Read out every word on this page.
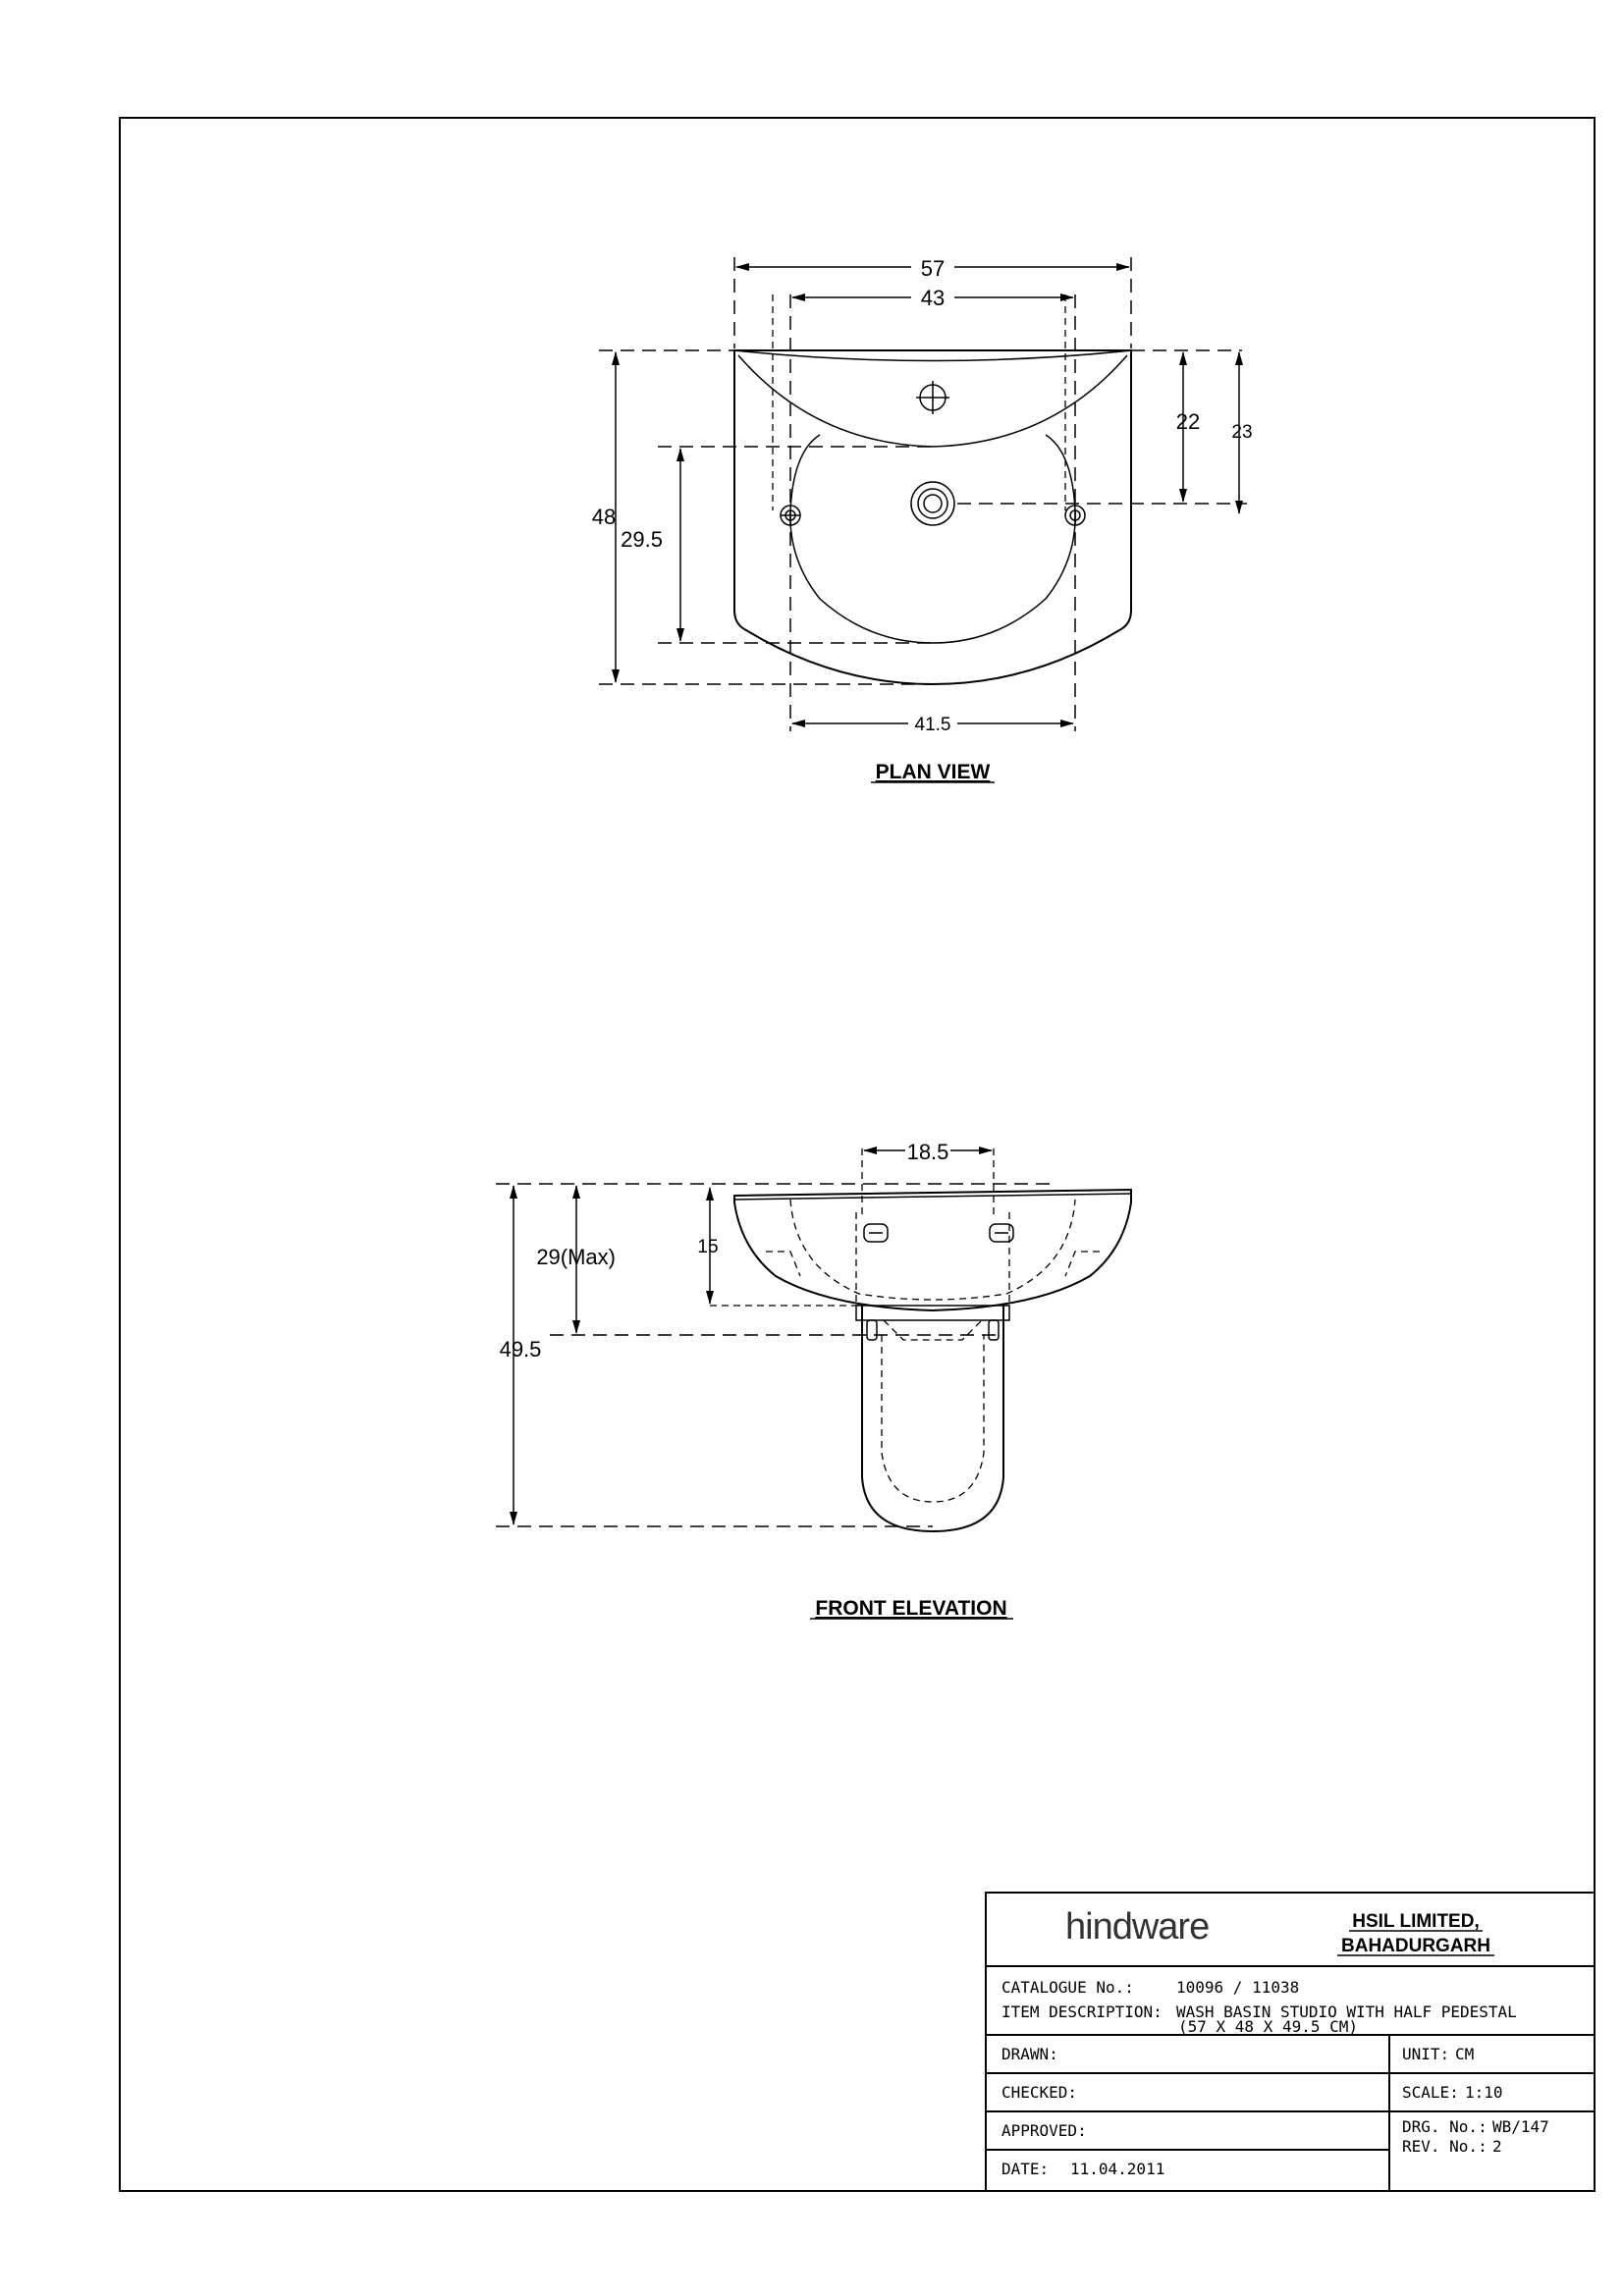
57
43
48
29.5
22 23
41.5
PLAN VIEW
18.5
29(Max)	15
49.5
FRONT ELEVATION
hindware	HSIL LIMITED,
BAHADURGARH
CATALOGUE No.:	10096 / 11038
ITEM DESCRIPTION: WASH BASIN STUDIO WITH HALF PEDESTAL
(57 X 48 X 49.5 CM)
DRAWN:
CHECKED:
APPROVED:
DATE: 11.04.2011
UNIT: CM
SCALE: 1:10
DRG. No.: WB/147
REV. No.: 2
